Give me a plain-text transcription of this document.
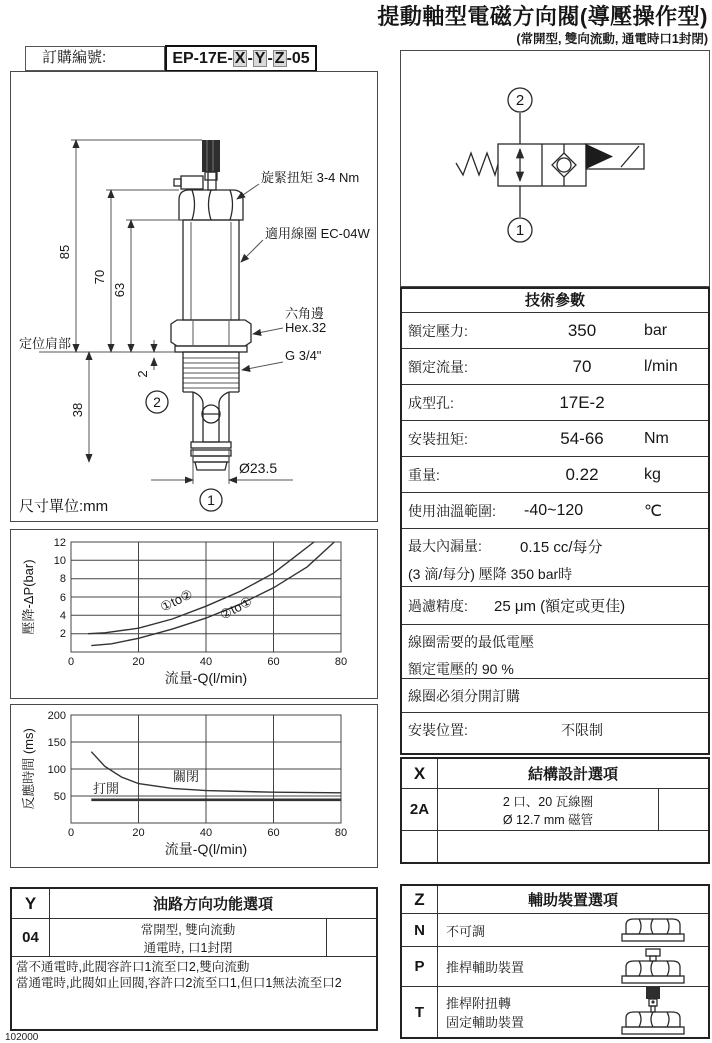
提動軸型電磁方向閥(導壓操作型)
(常開型, 雙向流動, 通電時口1封閉)
訂購編號:	EP-17E- X - Y - Z -05
85
70
63
2
38
Ø23.5
定位肩部
旋緊扭矩 3-4 Nm
適用線圈 EC-04W
六角邊
Hex.32
G 3/4"
2
1
尺寸單位:mm
2
1
技術參數
額定壓力:	350	bar
額定流量:	70	l/min
成型孔:	17E-2
安裝扭矩:	54-66	Nm
重量:	0.22	kg
使用油溫範圍:	-40~120	℃
最大內漏量:	0.15 cc/每分
(3 滴/每分) 壓降 350 bar時
過濾精度:	25 μm (額定或更佳)
線圈需要的最低電壓
額定電壓的 90 %
線圈必須分開訂購
安裝位置:	不限制
12
10
8
6
4
2
0	20	40	60	80
壓降-ΔP(bar)
流量-Q(l/min)
①to② ②to①
200
150
100
50
0	20	40	60	80
反應時間 (ms)
流量-Q(l/min)
打開
關閉	X	結構設計選項
2A	2 口、20 瓦線圈
Ø 12.7 mm 磁管
Y	油路方向功能選項
04	常開型, 雙向流動
通電時, 口1封閉
當不通電時,此閥容許口1流至口2,雙向流動
當通電時,此閥如止回閥,容許口2流至口1,但口1無法流至口2
Z	輔助裝置選項
N	不可調
P	推桿輔助裝置
T	推桿附扭轉
固定輔助裝置
102000
